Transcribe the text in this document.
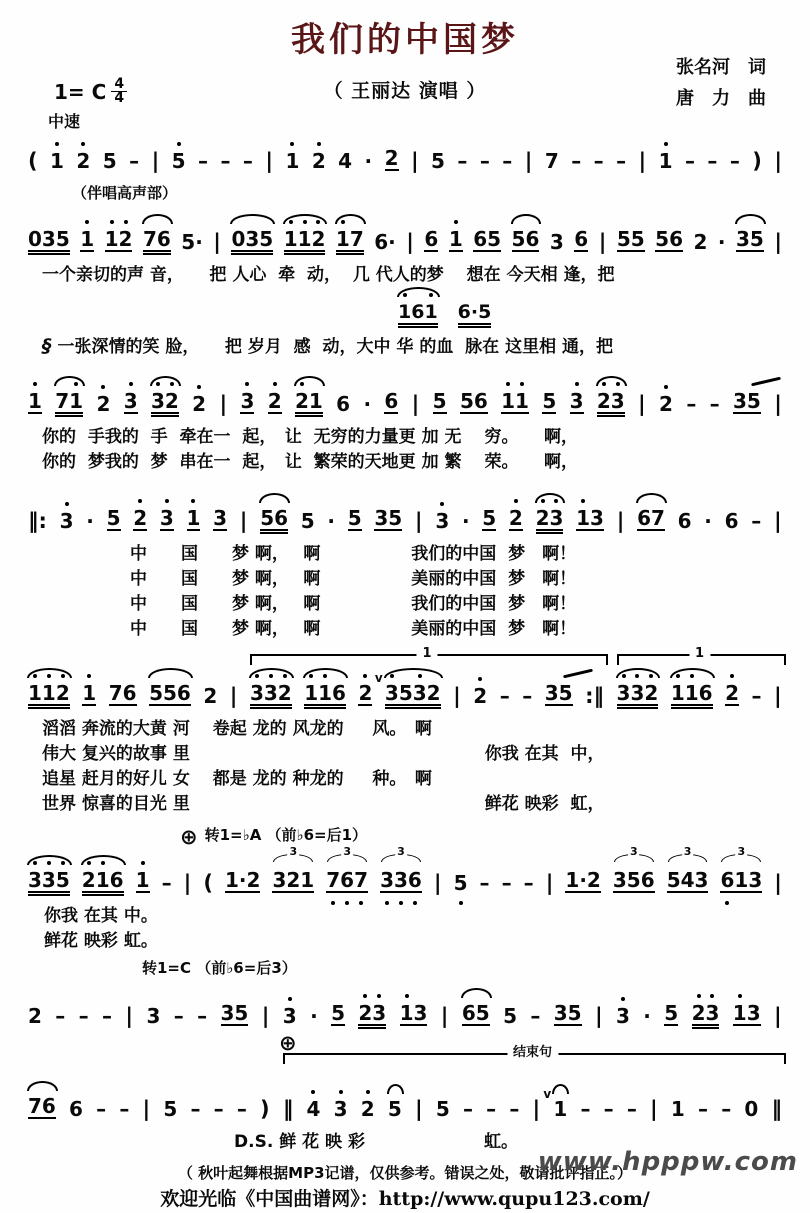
我们的中国梦
（ 王丽达 演唱 ）
张名河　词
唐　力　曲
1= C $\frac{4}{4}$
中速
( 1 2 5 – | 5 – – – | 1 2 4 · 2 | 5 – – – | 7 – – – | 1 – – – ) |
（伴唱高声部）
035 1 12 76 5· | 035 112 17 6· | 6 1 65 56 3 6 | 55 56 2 · 35 |
一个亲切的声 音，　　把 人心  牵  动，  几 代人的梦　 想在 今天相 逢，把
161 6·5
§ 一张深情的笑 脸，　　把 岁月  感  动，大中 华 的血  脉在 这里相 通，把
1 71 2 3 32 2 | 3 2 21 6 · 6 | 5 56 11 5 3 23 | 2 – – 35 |
你的  手我的  手  牵在一  起，　让  无穷的力量更 加 无　 穷。　　啊，
你的  梦我的  梦  串在一  起，　让  繁荣的天地更 加 繁　 荣。　　啊，
‖: 3 · 5 2 3 1 3 | 56 5 · 5 35 | 3 · 5 2 23 13 | 67 6 · 6 – |
中　　国　　梦 啊，　 啊　　　　　 我们的中国  梦　啊！
中　　国　　梦 啊，　 啊　　　　　 美丽的中国  梦　啊！
中　　国　　梦 啊，　 啊　　　　　 我们的中国  梦　啊！
中　　国　　梦 啊，　 啊　　　　　 美丽的中国  梦　啊！
1	1
112 1 76 556 2 | 332 116 2 3532
v
| 2 – – 35 :‖ 332 116 2 – |
滔滔 奔流的大黄 河　 卷起 龙的 风龙的　  风。　啊
伟大 复兴的故事 里　　　　　　　　　　　　　　　　　 你我 在其  中，
追星 赶月的好儿 女　 都是 龙的 种龙的　  种。　啊
世界 惊喜的目光 里　　　　　　　　　　　　　　　　　 鲜花 映彩  虹，
⊕ 转1=♭A （前♭6=后1）
335 216 1 – | ( 1·2 321
3
767
3
336
3
| 5 – – – | 1·2 356
3
543
3
613
3
|
你我 在其 中。
鲜花 映彩 虹。
转1=C （前♭6=后3）
2 – – – | 3 – – 35 | 3 · 5 23 13 | 65 5 – 35 | 3 · 5 23 13 |
⊕	结束句
76 6 – – | 5 – – – ) ‖ 4 3 2 5 | 5 – – – | 1
v
– – – | 1 – – 0 ‖
D.S. 鲜 花 映 彩　　　　　　　虹。
（ 秋叶起舞根据MP3记谱，仅供参考。错误之处，敬请批评指正。）
欢迎光临《中国曲谱网》：http://www.qupu123.com/
www.hpppw.com
